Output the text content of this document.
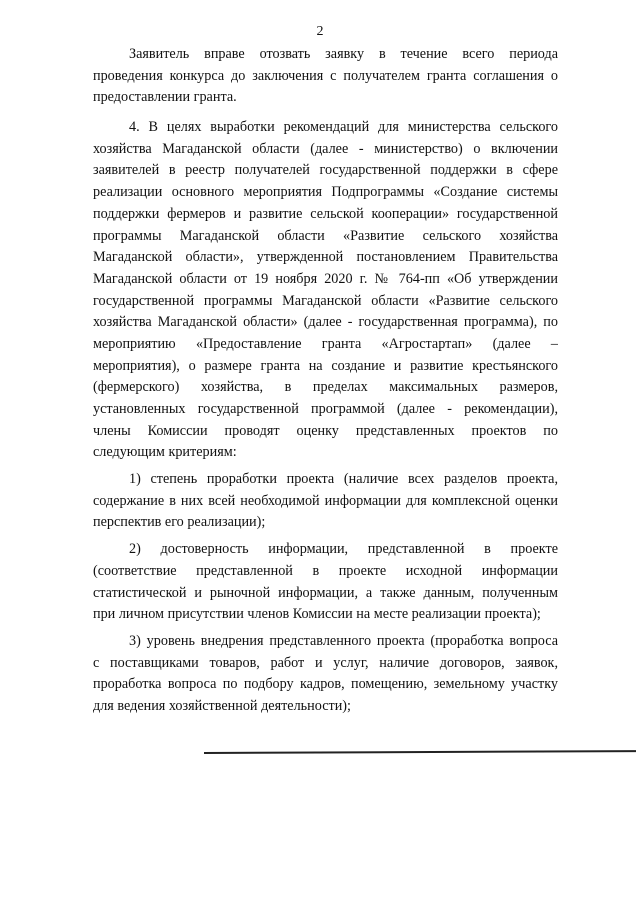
2
Заявитель вправе отозвать заявку в течение всего периода
проведения конкурса до заключения с получателем гранта соглашения о
предоставлении гранта.
4. В целях выработки рекомендаций для министерства сельского
хозяйства Магаданской области (далее - министерство) о включении
заявителей в реестр получателей государственной поддержки в сфере
реализации основного мероприятия Подпрограммы «Создание системы
поддержки фермеров и развитие сельской кооперации» государственной
программы Магаданской области «Развитие сельского хозяйства
Магаданской области», утвержденной постановлением Правительства
Магаданской области от 19 ноября 2020 г. № 764-пп «Об утверждении
государственной программы Магаданской области «Развитие сельского
хозяйства Магаданской области» (далее - государственная программа), по
мероприятию «Предоставление гранта «Агростартап» (далее –
мероприятия), о размере гранта на создание и развитие крестьянского
(фермерского) хозяйства, в пределах максимальных размеров,
установленных государственной программой (далее - рекомендации),
члены Комиссии проводят оценку представленных проектов по
следующим критериям:
1) степень проработки проекта (наличие всех разделов проекта,
содержание в них всей необходимой информации для комплексной оценки
перспектив его реализации);
2) достоверность информации, представленной в проекте
(соответствие представленной в проекте исходной информации
статистической и рыночной информации, а также данным, полученным
при личном присутствии членов Комиссии на месте реализации проекта);
3) уровень внедрения представленного проекта (проработка вопроса
с поставщиками товаров, работ и услуг, наличие договоров, заявок,
проработка вопроса по подбору кадров, помещению, земельному участку
для ведения хозяйственной деятельности);
